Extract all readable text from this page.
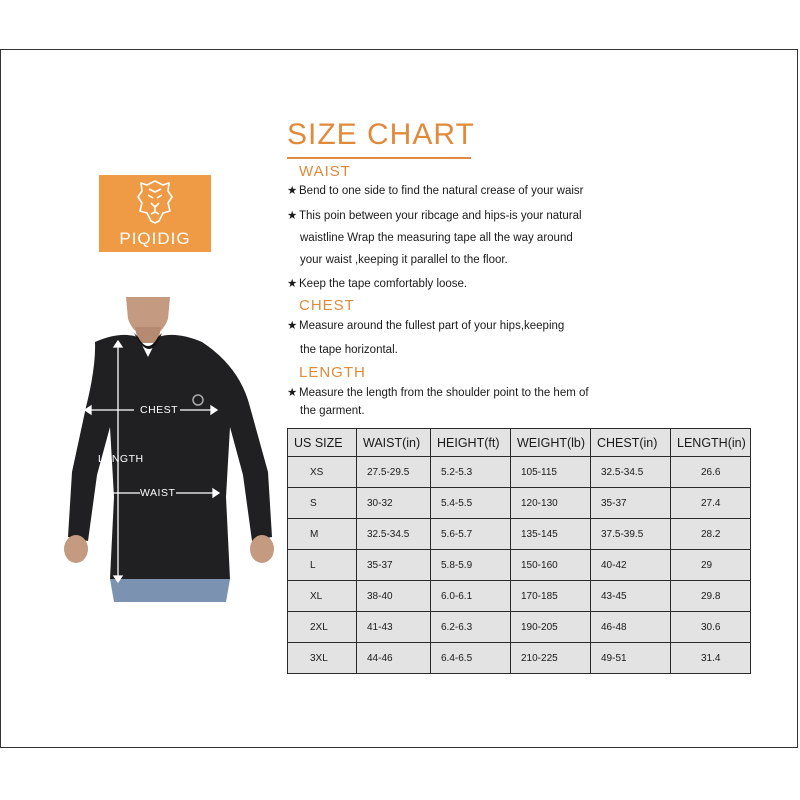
PIQIDIG
SIZE CHART
WAIST
★ Bend to one side to find the natural crease of your waisr
★ This poin between your ribcage and hips-is your natural
waistline Wrap the measuring tape all the way around
your waist ,keeping it parallel to the floor.
★ Keep the tape comfortably loose.
CHEST
★ Measure around the fullest part of your hips,keeping
the tape horizontal.
LENGTH
★ Measure the length from the shoulder point to the hem of
the garment.
CHEST
LENGTH
WAIST
US SIZE	WAIST(in)	HEIGHT(ft)	WEIGHT(lb)	CHEST(in)	LENGTH(in)
XS	27.5-29.5	5.2-5.3	105-115	32.5-34.5	26.6
S	30-32	5.4-5.5	120-130	35-37	27.4
M	32.5-34.5	5.6-5.7	135-145	37.5-39.5	28.2
L	35-37	5.8-5.9	150-160	40-42	29
XL	38-40	6.0-6.1	170-185	43-45	29.8
2XL	41-43	6.2-6.3	190-205	46-48	30.6
3XL	44-46	6.4-6.5	210-225	49-51	31.4
